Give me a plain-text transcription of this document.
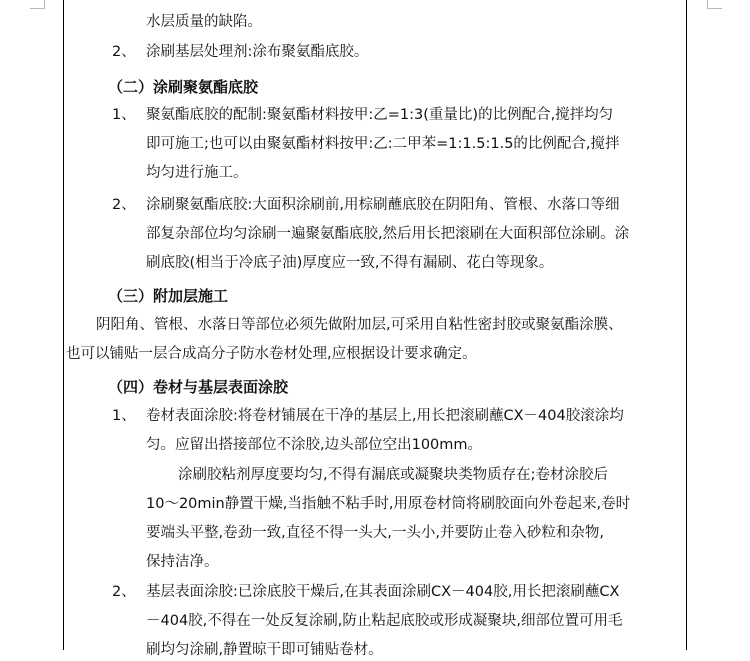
水层质量的缺陷。
2、 涂刷基层处理剂:涂布聚氨酯底胶。
（二）涂刷聚氨酯底胶
1、 聚氨酯底胶的配制:聚氨酯材料按甲:乙=1:3(重量比)的比例配合,搅拌均匀
即可施工;也可以由聚氨酯材料按甲:乙:二甲苯=1:1.5:1.5的比例配合,搅拌
均匀进行施工。
2、 涂刷聚氨酯底胶:大面积涂刷前,用棕刷蘸底胶在阴阳角、管根、水落口等细
部复杂部位均匀涂刷一遍聚氨酯底胶,然后用长把滚刷在大面积部位涂刷。涂
刷底胶(相当于冷底子油)厚度应一致,不得有漏刷、花白等现象。
（三）附加层施工
阴阳角、管根、水落日等部位必须先做附加层,可采用自粘性密封胶或聚氨酯涂膜、
也可以铺贴一层合成高分子防水卷材处理,应根据设计要求确定。
（四）卷材与基层表面涂胶
1、 卷材表面涂胶:将卷材铺展在干净的基层上,用长把滚刷蘸CX－404胶滚涂均
匀。应留出搭接部位不涂胶,边头部位空出100mm。
涂刷胶粘剂厚度要均匀,不得有漏底或凝聚块类物质存在;卷材涂胶后
10～20min静置干燥,当指触不粘手时,用原卷材筒将刷胶面向外卷起来,卷时
要端头平整,卷劲一致,直径不得一头大,一头小,并要防止卷入砂粒和杂物,
保持洁净。
2、 基层表面涂胶:已涂底胶干燥后,在其表面涂刷CX－404胶,用长把滚刷蘸CX
－404胶,不得在一处反复涂刷,防止粘起底胶或形成凝聚块,细部位置可用毛
刷均匀涂刷,静置晾干即可铺贴卷材。
